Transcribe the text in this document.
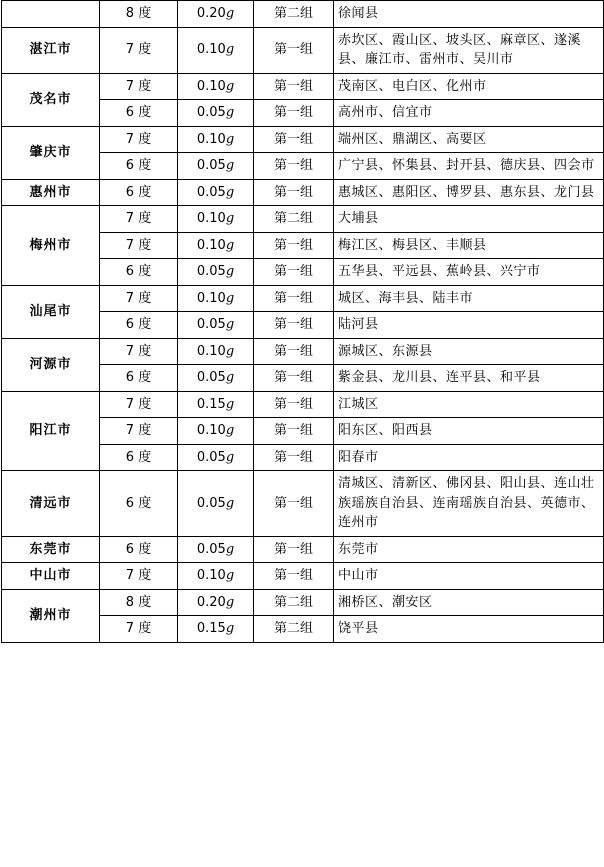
	8 度	0.20g	第二组	徐闻县
湛江市	7 度	0.10g	第一组	赤坎区、霞山区、坡头区、麻章区、遂溪县、廉江市、雷州市、吴川市
茂名市	7 度	0.10g	第一组	茂南区、电白区、化州市
	6 度	0.05g	第一组	高州市、信宜市
肇庆市	7 度	0.10g	第一组	端州区、鼎湖区、高要区
	6 度	0.05g	第一组	广宁县、怀集县、封开县、德庆县、四会市
惠州市	6 度	0.05g	第一组	惠城区、惠阳区、博罗县、惠东县、龙门县
梅州市	7 度	0.10g	第二组	大埔县
	7 度	0.10g	第一组	梅江区、梅县区、丰顺县
	6 度	0.05g	第一组	五华县、平远县、蕉岭县、兴宁市
汕尾市	7 度	0.10g	第一组	城区、海丰县、陆丰市
	6 度	0.05g	第一组	陆河县
河源市	7 度	0.10g	第一组	源城区、东源县
	6 度	0.05g	第一组	紫金县、龙川县、连平县、和平县
阳江市	7 度	0.15g	第一组	江城区
	7 度	0.10g	第一组	阳东区、阳西县
	6 度	0.05g	第一组	阳春市
清远市	6 度	0.05g	第一组	清城区、清新区、佛冈县、阳山县、连山壮族瑶族自治县、连南瑶族自治县、英德市、连州市
东莞市	6 度	0.05g	第一组	东莞市
中山市	7 度	0.10g	第一组	中山市
潮州市	8 度	0.20g	第二组	湘桥区、潮安区
	7 度	0.15g	第二组	饶平县
